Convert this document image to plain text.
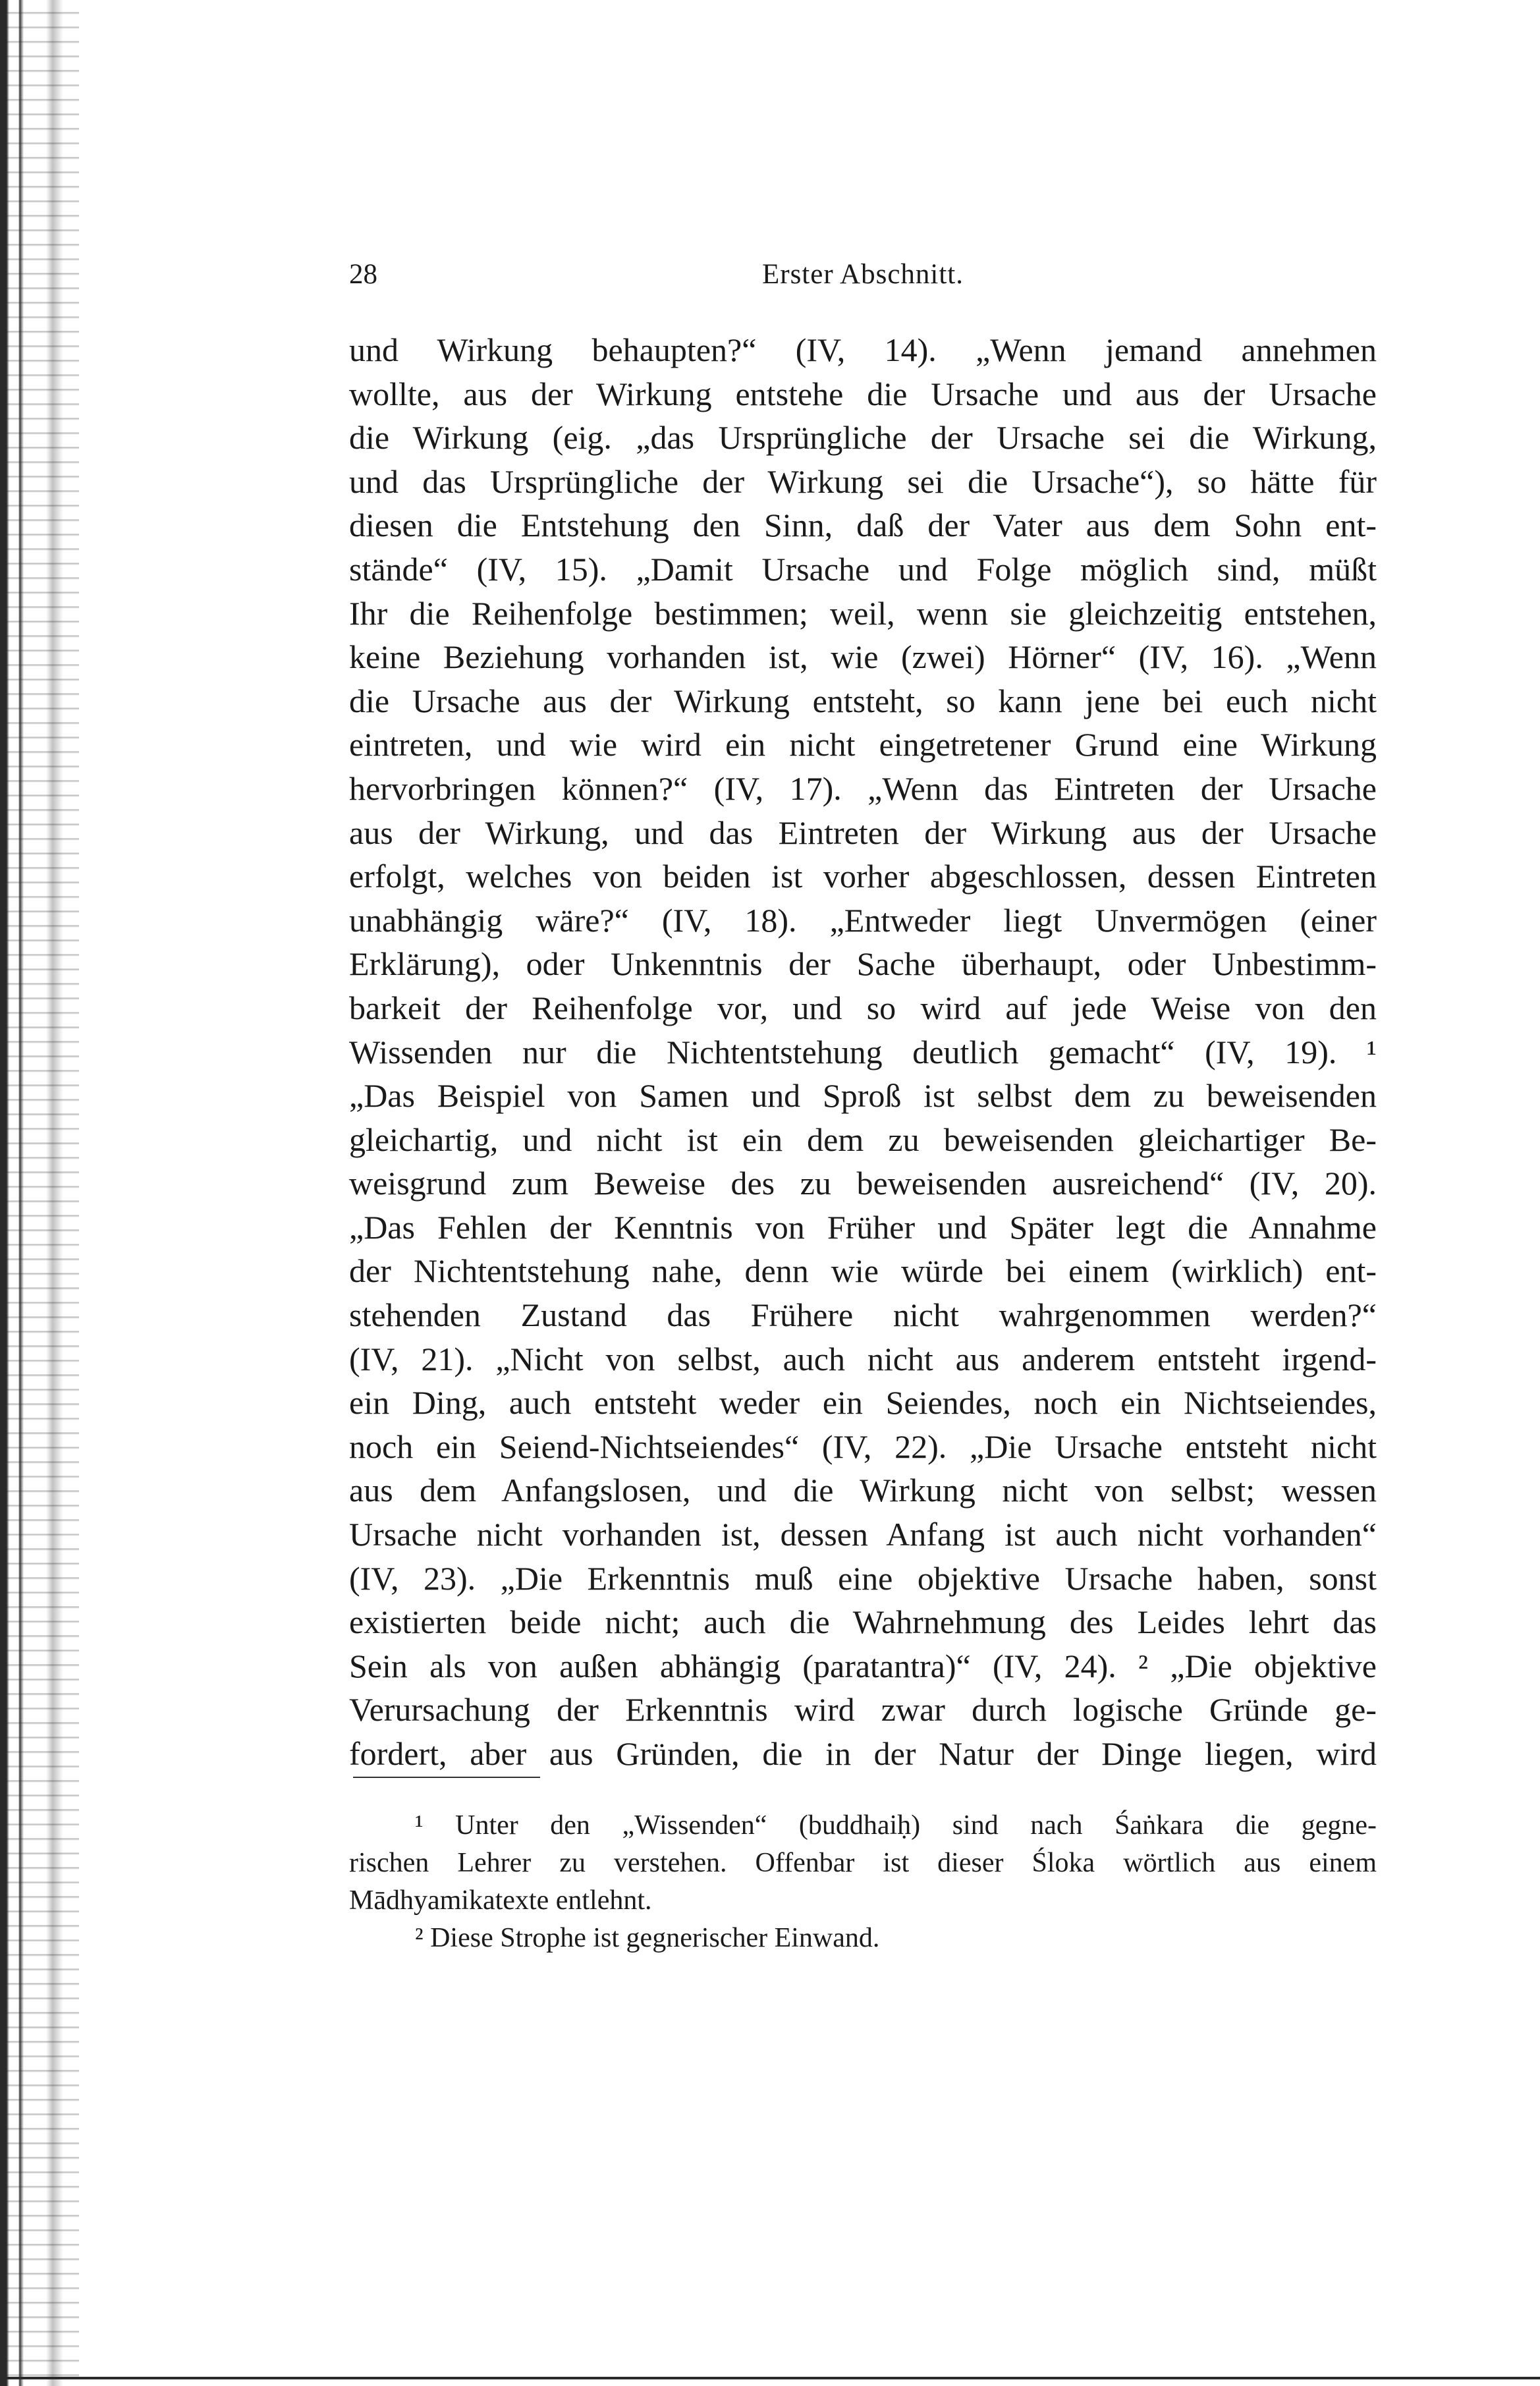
28	Erster Abschnitt.
und Wirkung behaupten?“ (IV, 14). „Wenn jemand annehmen
wollte, aus der Wirkung entstehe die Ursache und aus der Ursache
die Wirkung (eig. „das Ursprüngliche der Ursache sei die Wirkung,
und das Ursprüngliche der Wirkung sei die Ursache“), so hätte für
diesen die Entstehung den Sinn, daß der Vater aus dem Sohn ent-
stände“ (IV, 15). „Damit Ursache und Folge möglich sind, müßt
Ihr die Reihenfolge bestimmen; weil, wenn sie gleichzeitig entstehen,
keine Beziehung vorhanden ist, wie (zwei) Hörner“ (IV, 16). „Wenn
die Ursache aus der Wirkung entsteht, so kann jene bei euch nicht
eintreten, und wie wird ein nicht eingetretener Grund eine Wirkung
hervorbringen können?“ (IV, 17). „Wenn das Eintreten der Ursache
aus der Wirkung, und das Eintreten der Wirkung aus der Ursache
erfolgt, welches von beiden ist vorher abgeschlossen, dessen Eintreten
unabhängig wäre?“ (IV, 18). „Entweder liegt Unvermögen (einer
Erklärung), oder Unkenntnis der Sache überhaupt, oder Unbestimm-
barkeit der Reihenfolge vor, und so wird auf jede Weise von den
Wissenden nur die Nichtentstehung deutlich gemacht“ (IV, 19). ¹
„Das Beispiel von Samen und Sproß ist selbst dem zu beweisenden
gleichartig, und nicht ist ein dem zu beweisenden gleichartiger Be-
weisgrund zum Beweise des zu beweisenden ausreichend“ (IV, 20).
„Das Fehlen der Kenntnis von Früher und Später legt die Annahme
der Nichtentstehung nahe, denn wie würde bei einem (wirklich) ent-
stehenden Zustand das Frühere nicht wahrgenommen werden?“
(IV, 21). „Nicht von selbst, auch nicht aus anderem entsteht irgend-
ein Ding, auch entsteht weder ein Seiendes, noch ein Nichtseiendes,
noch ein Seiend-Nichtseiendes“ (IV, 22). „Die Ursache entsteht nicht
aus dem Anfangslosen, und die Wirkung nicht von selbst; wessen
Ursache nicht vorhanden ist, dessen Anfang ist auch nicht vorhanden“
(IV, 23). „Die Erkenntnis muß eine objektive Ursache haben, sonst
existierten beide nicht; auch die Wahrnehmung des Leides lehrt das
Sein als von außen abhängig (paratantra)“ (IV, 24). ² „Die objektive
Verursachung der Erkenntnis wird zwar durch logische Gründe ge-
fordert, aber aus Gründen, die in der Natur der Dinge liegen, wird
¹ Unter den „Wissenden“ (buddhaiḥ) sind nach Śaṅkara die gegne-
rischen Lehrer zu verstehen. Offenbar ist dieser Śloka wörtlich aus einem
Mādhyamikatexte entlehnt.
² Diese Strophe ist gegnerischer Einwand.
